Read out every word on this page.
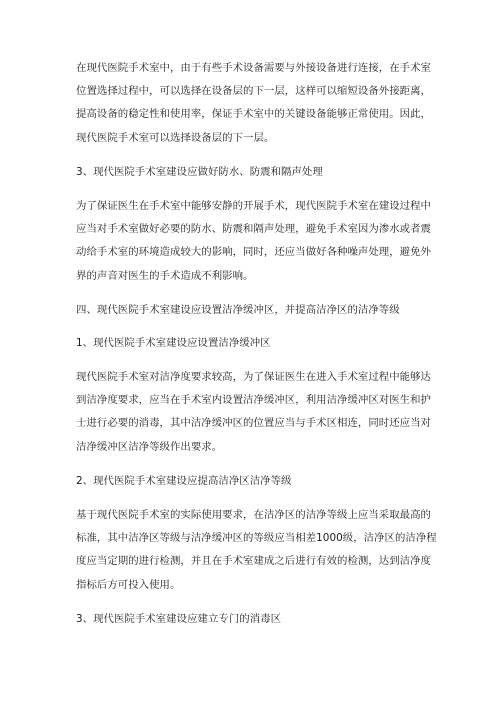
在现代医院手术室中，由于有些手术设备需要与外接设备进行连接，在手术室
位置选择过程中，可以选择在设备层的下一层，这样可以缩短设备外接距离，
提高设备的稳定性和使用率，保证手术室中的关键设备能够正常使用。因此，
现代医院手术室可以选择设备层的下一层。
3、现代医院手术室建设应做好防水、防震和隔声处理
为了保证医生在手术室中能够安静的开展手术，现代医院手术室在建设过程中
应当对手术室做好必要的防水、防震和隔声处理，避免手术室因为渗水或者震
动给手术室的环境造成较大的影响，同时，还应当做好各种噪声处理，避免外
界的声音对医生的手术造成不利影响。
四、现代医院手术室建设应设置洁净缓冲区，并提高洁净区的洁净等级
1、现代医院手术室建设应设置洁净缓冲区
现代医院手术室对洁净度要求较高，为了保证医生在进入手术室过程中能够达
到洁净度要求，应当在手术室内设置洁净缓冲区，利用洁净缓冲区对医生和护
士进行必要的消毒，其中洁净缓冲区的位置应当与手术区相连，同时还应当对
洁净缓冲区洁净等级作出要求。
2、现代医院手术室建设应提高洁净区洁净等级
基于现代医院手术室的实际使用要求，在洁净区的洁净等级上应当采取最高的
标准，其中洁净区等级与洁净缓冲区的等级应当相差1000级，洁净区的洁净程
度应当定期的进行检测，并且在手术室建成之后进行有效的检测，达到洁净度
指标后方可投入使用。
3、现代医院手术室建设应建立专门的消毒区
